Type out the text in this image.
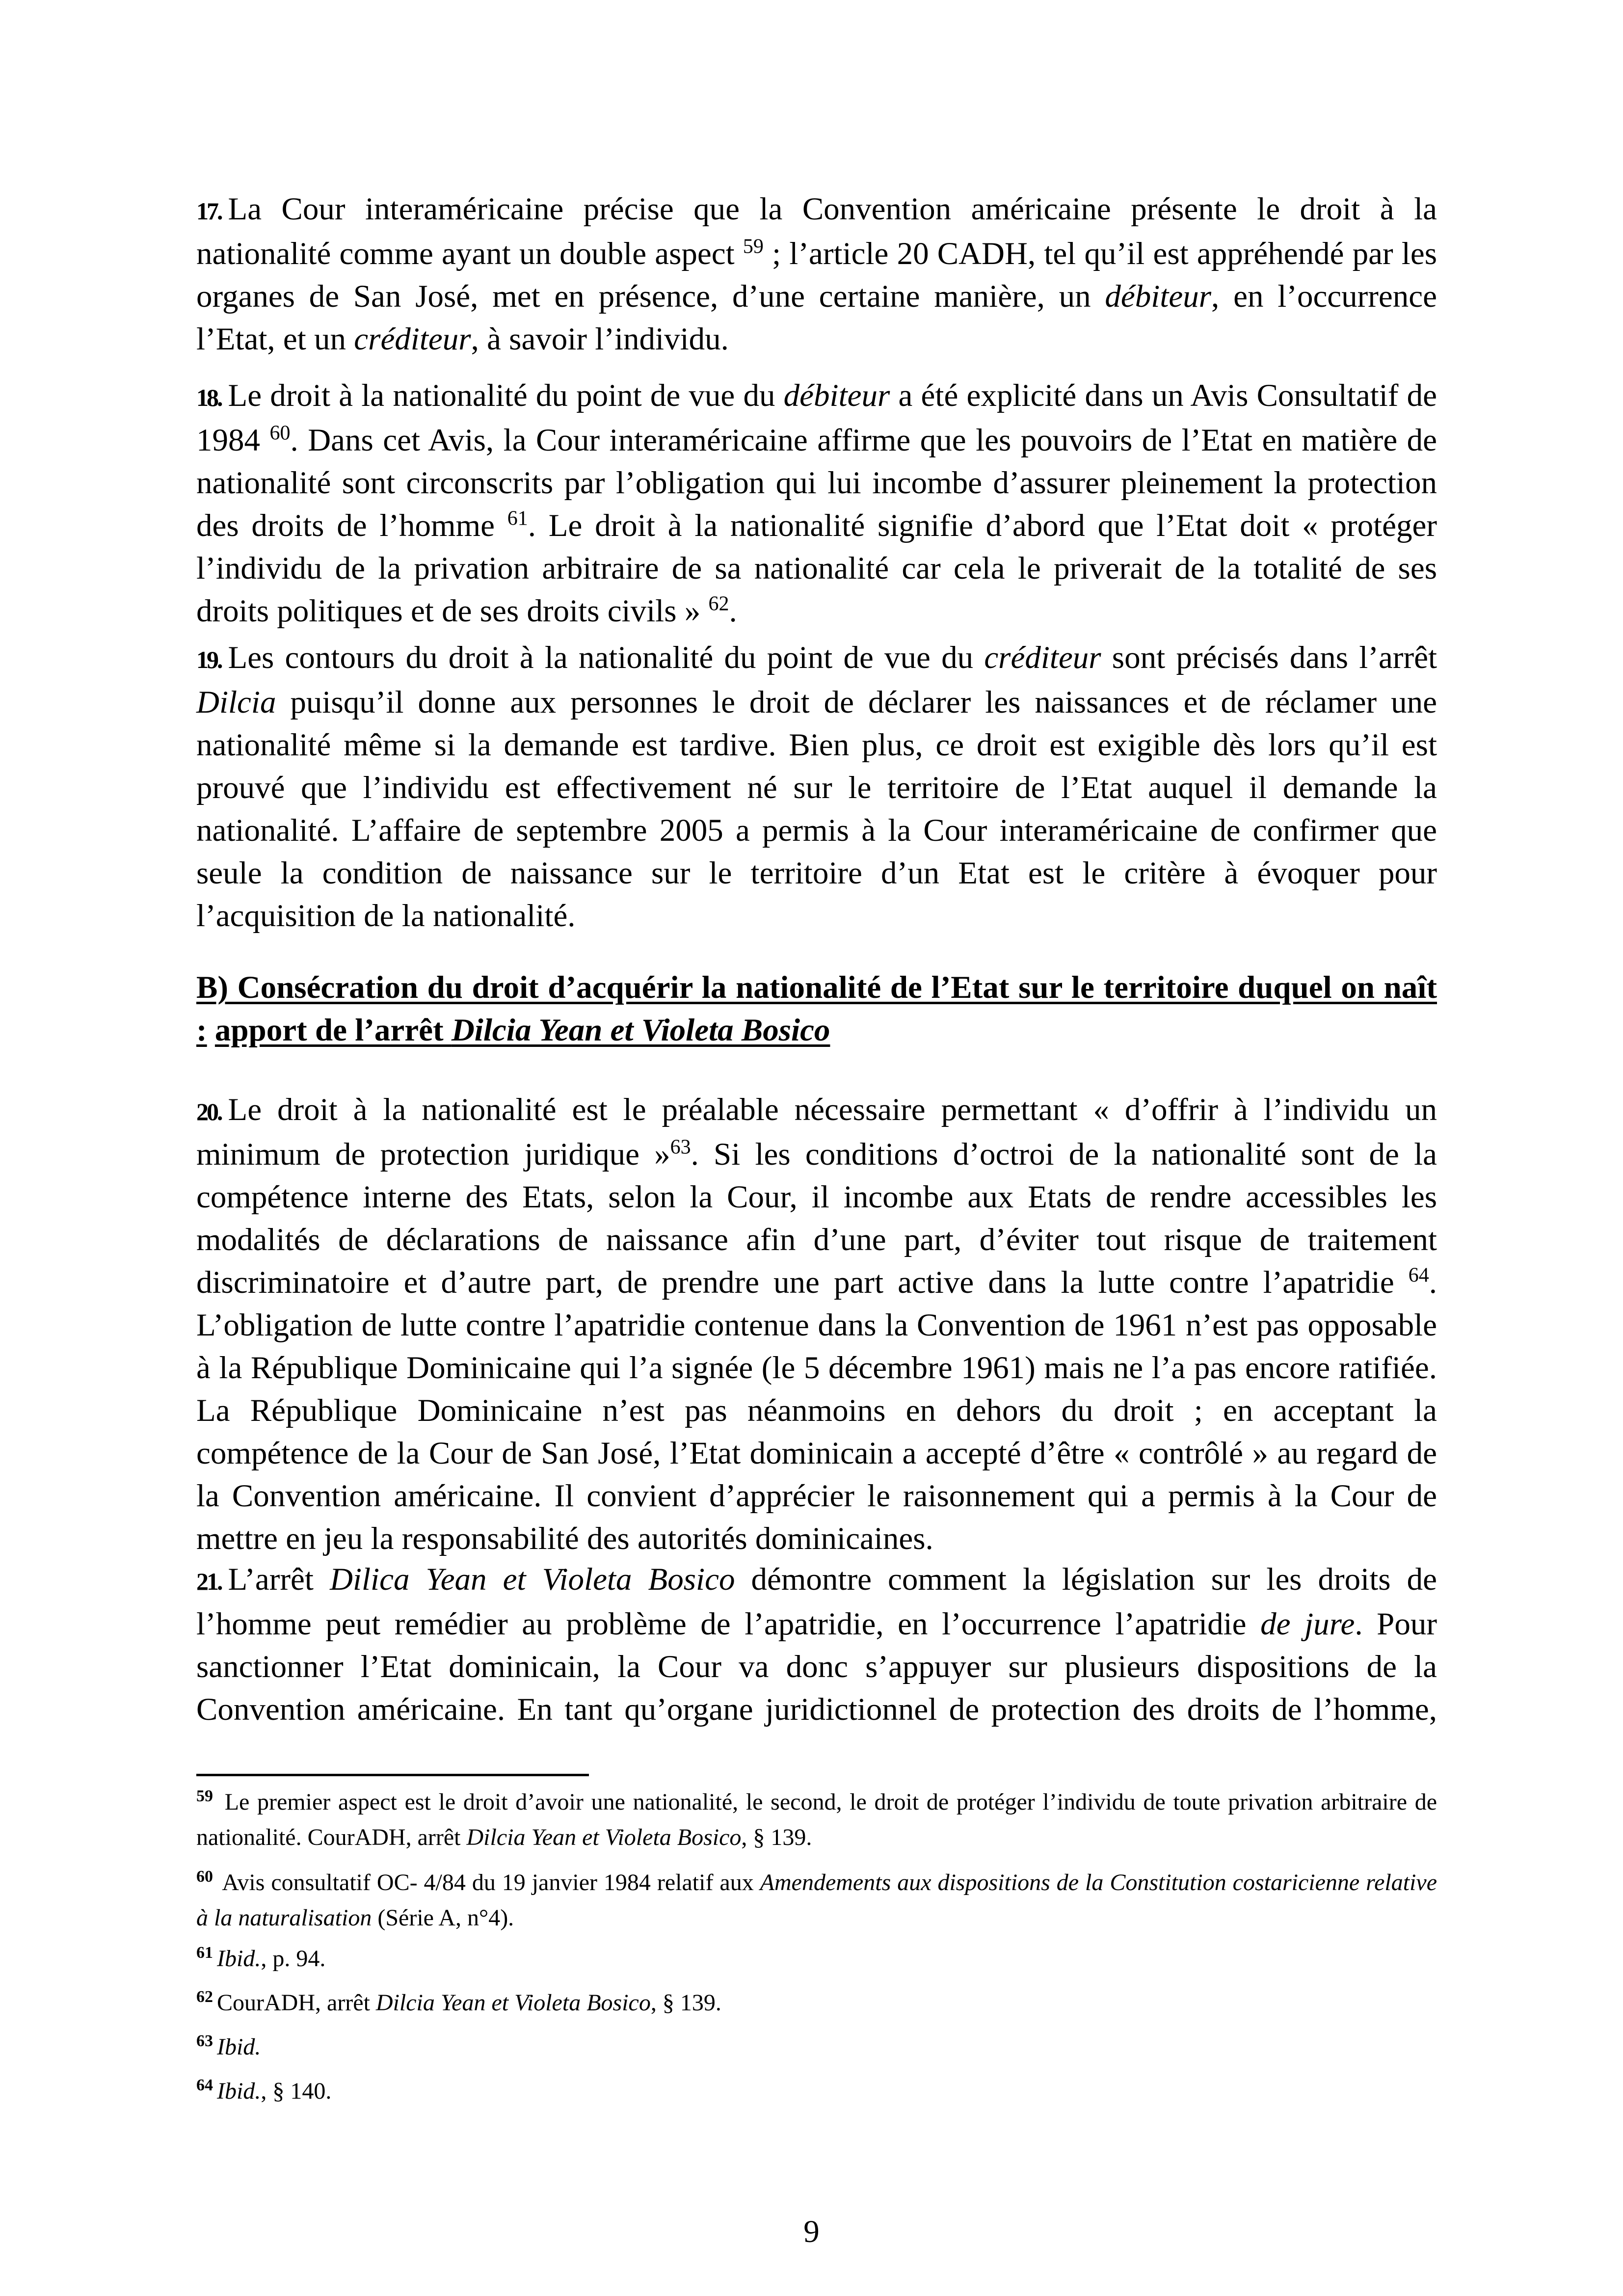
17. La Cour interaméricaine précise que la Convention américaine présente le droit à la nationalité comme ayant un double aspect $^{59}$ ; l’article 20 CADH, tel qu’il est appréhendé par les organes de San José, met en présence, d’une certaine manière, un débiteur, en l’occurrence l’Etat, et un créditeur, à savoir l’individu.

18. Le droit à la nationalité du point de vue du débiteur a été explicité dans un Avis Consultatif de 1984 $^{60}$. Dans cet Avis, la Cour interaméricaine affirme que les pouvoirs de l’Etat en matière de nationalité sont circonscrits par l’obligation qui lui incombe d’assurer pleinement la protection des droits de l’homme $^{61}$. Le droit à la nationalité signifie d’abord que l’Etat doit « protéger l’individu de la privation arbitraire de sa nationalité car cela le priverait de la totalité de ses droits politiques et de ses droits civils » $^{62}$.

19. Les contours du droit à la nationalité du point de vue du créditeur sont précisés dans l’arrêt Dilcia puisqu’il donne aux personnes le droit de déclarer les naissances et de réclamer une nationalité même si la demande est tardive. Bien plus, ce droit est exigible dès lors qu’il est prouvé que l’individu est effectivement né sur le territoire de l’Etat auquel il demande la nationalité. L’affaire de septembre 2005 a permis à la Cour interaméricaine de confirmer que seule la condition de naissance sur le territoire d’un Etat est le critère à évoquer pour l’acquisition de la nationalité.

B) Consécration du droit d’acquérir la nationalité de l’Etat sur le territoire duquel on naît : apport de l’arrêt Dilcia Yean et Violeta Bosico

20. Le droit à la nationalité est le préalable nécessaire permettant « d’offrir à l’individu un minimum de protection juridique »$^{63}$. Si les conditions d’octroi de la nationalité sont de la compétence interne des Etats, selon la Cour, il incombe aux Etats de rendre accessibles les modalités de déclarations de naissance afin d’une part, d’éviter tout risque de traitement discriminatoire et d’autre part, de prendre une part active dans la lutte contre l’apatridie $^{64}$. L’obligation de lutte contre l’apatridie contenue dans la Convention de 1961 n’est pas opposable à la République Dominicaine qui l’a signée (le 5 décembre 1961) mais ne l’a pas encore ratifiée. La République Dominicaine n’est pas néanmoins en dehors du droit ; en acceptant la compétence de la Cour de San José, l’Etat dominicain a accepté d’être « contrôlé » au regard de la Convention américaine. Il convient d’apprécier le raisonnement qui a permis à la Cour de mettre en jeu la responsabilité des autorités dominicaines.

21. L’arrêt Dilica Yean et Violeta Bosico démontre comment la législation sur les droits de l’homme peut remédier au problème de l’apatridie, en l’occurrence l’apatridie de jure. Pour sanctionner l’Etat dominicain, la Cour va donc s’appuyer sur plusieurs dispositions de la Convention américaine. En tant qu’organe juridictionnel de protection des droits de l’homme,

$^{59}$ Le premier aspect est le droit d’avoir une nationalité, le second, le droit de protéger l’individu de toute privation arbitraire de nationalité. CourADH, arrêt Dilcia Yean et Violeta Bosico, § 139.
$^{60}$ Avis consultatif OC- 4/84 du 19 janvier 1984 relatif aux Amendements aux dispositions de la Constitution costaricienne relative à la naturalisation (Série A, n°4).
$^{61}$ Ibid., p. 94.
$^{62}$ CourADH, arrêt Dilcia Yean et Violeta Bosico, § 139.
$^{63}$ Ibid.
$^{64}$ Ibid., § 140.
9
